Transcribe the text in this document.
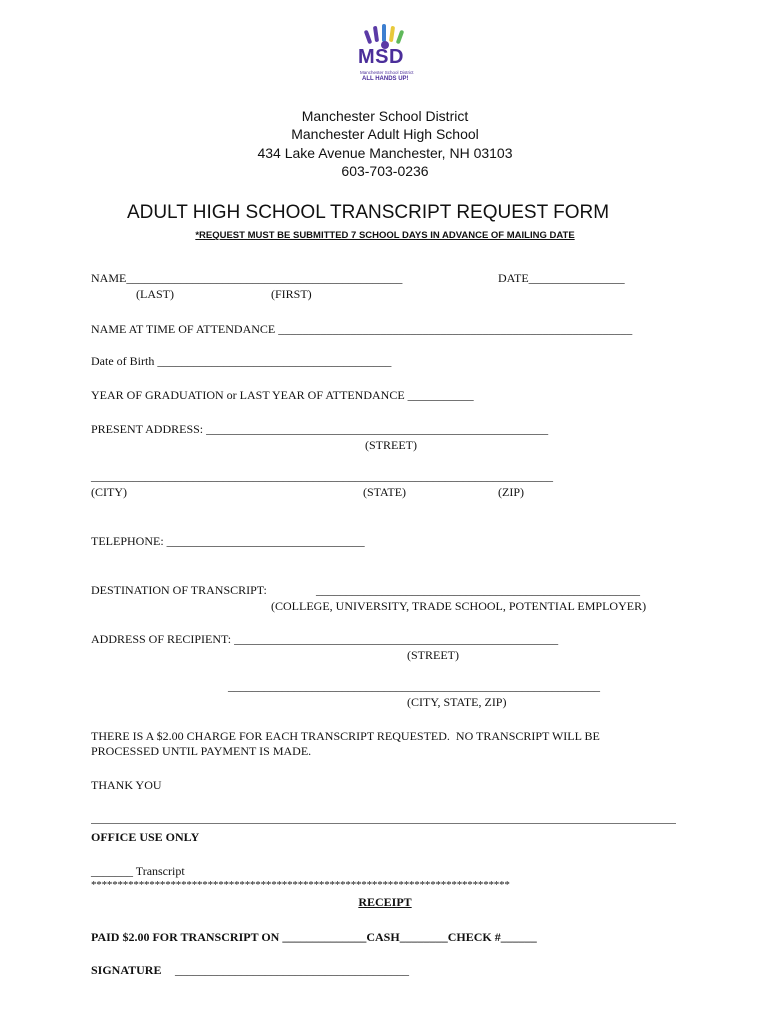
MSD
Manchester School District
ALL HANDS UP!
Manchester School District
Manchester Adult High School
434 Lake Avenue Manchester, NH 03103
603-703-0236
ADULT HIGH SCHOOL TRANSCRIPT REQUEST FORM
*REQUEST MUST BE SUBMITTED 7 SCHOOL DAYS IN ADVANCE OF MAILING DATE
NAME______________________________________________	DATE________________
(LAST)	(FIRST)
NAME AT TIME OF ATTENDANCE ___________________________________________________________
Date of Birth _______________________________________
YEAR OF GRADUATION or LAST YEAR OF ATTENDANCE ___________
PRESENT ADDRESS: _________________________________________________________
(STREET)
_____________________________________________________________________________
(CITY)	(STATE)	(ZIP)
TELEPHONE: _________________________________
DESTINATION OF TRANSCRIPT:	______________________________________________________
(COLLEGE, UNIVERSITY, TRADE SCHOOL, POTENTIAL EMPLOYER)
ADDRESS OF RECIPIENT: ______________________________________________________
(STREET)
______________________________________________________________
(CITY, STATE, ZIP)
THERE IS A $2.00 CHARGE FOR EACH TRANSCRIPT REQUESTED.  NO TRANSCRIPT WILL BE
PROCESSED UNTIL PAYMENT IS MADE.
THANK YOU
OFFICE USE ONLY
_______ Transcript
*******************************************************************************
RECEIPT
PAID $2.00 FOR TRANSCRIPT ON ______________CASH________CHECK #______
SIGNATURE _______________________________________
